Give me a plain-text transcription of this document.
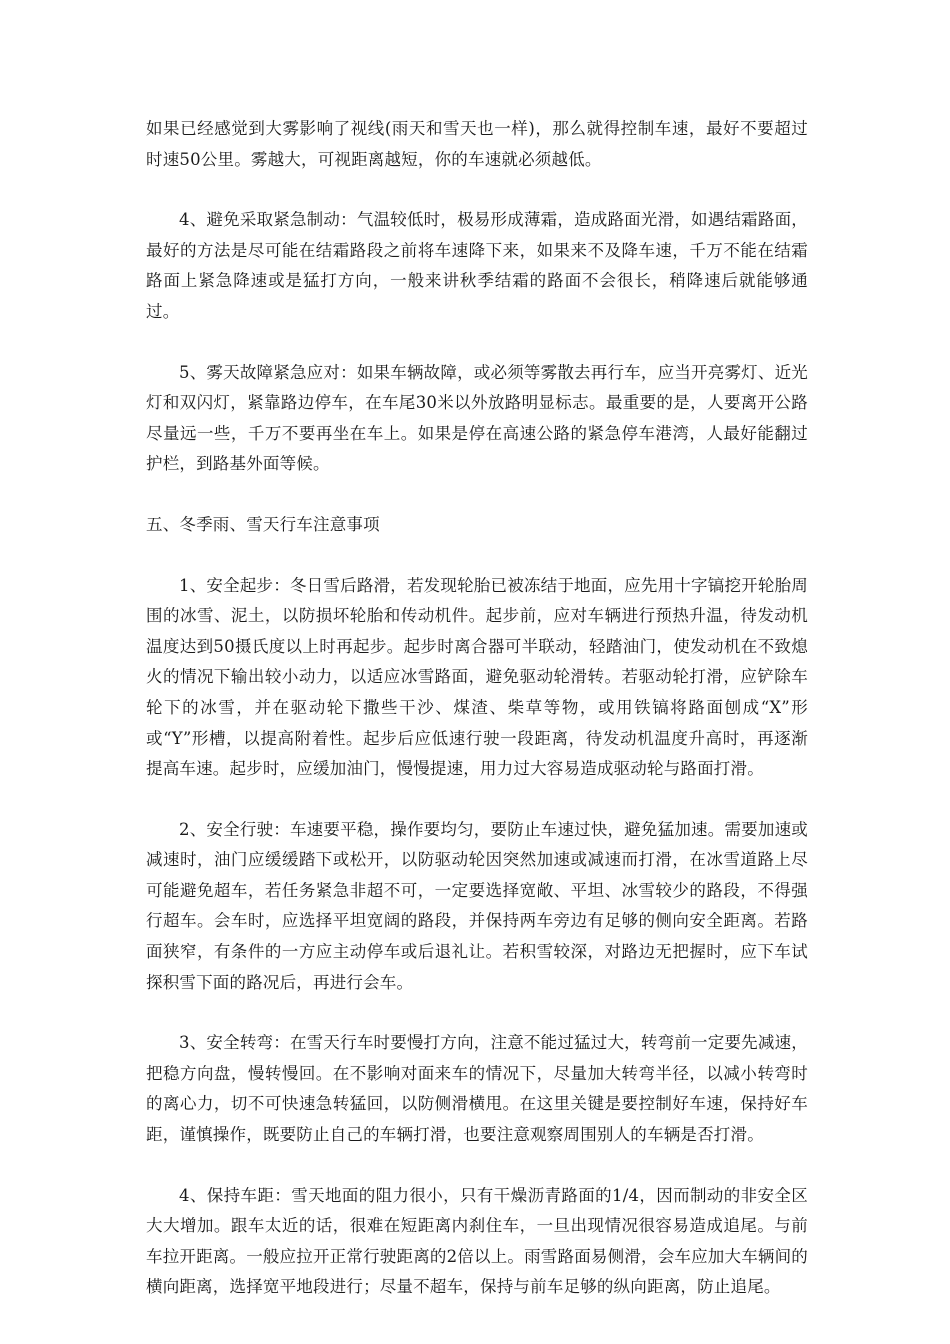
如果已经感觉到大雾影响了视线(雨天和雪天也一样)，那么就得控制车速，最好不要超过时速50公里。雾越大，可视距离越短，你的车速就必须越低。

4、避免采取紧急制动：气温较低时，极易形成薄霜，造成路面光滑，如遇结霜路面，最好的方法是尽可能在结霜路段之前将车速降下来，如果来不及降车速，千万不能在结霜路面上紧急降速或是猛打方向，一般来讲秋季结霜的路面不会很长，稍降速后就能够通过。

5、雾天故障紧急应对：如果车辆故障，或必须等雾散去再行车，应当开亮雾灯、近光灯和双闪灯，紧靠路边停车，在车尾30米以外放路明显标志。最重要的是，人要离开公路尽量远一些，千万不要再坐在车上。如果是停在高速公路的紧急停车港湾，人最好能翻过护栏，到路基外面等候。

五、冬季雨、雪天行车注意事项

1、安全起步：冬日雪后路滑，若发现轮胎已被冻结于地面，应先用十字镐挖开轮胎周围的冰雪、泥土，以防损坏轮胎和传动机件。起步前，应对车辆进行预热升温，待发动机温度达到50摄氏度以上时再起步。起步时离合器可半联动，轻踏油门，使发动机在不致熄火的情况下输出较小动力，以适应冰雪路面，避免驱动轮滑转。若驱动轮打滑，应铲除车轮下的冰雪，并在驱动轮下撒些干沙、煤渣、柴草等物，或用铁镐将路面刨成“X”形或“Y”形槽，以提高附着性。起步后应低速行驶一段距离，待发动机温度升高时，再逐渐提高车速。起步时，应缓加油门，慢慢提速，用力过大容易造成驱动轮与路面打滑。

2、安全行驶：车速要平稳，操作要均匀，要防止车速过快，避免猛加速。需要加速或减速时，油门应缓缓踏下或松开，以防驱动轮因突然加速或减速而打滑，在冰雪道路上尽可能避免超车，若任务紧急非超不可，一定要选择宽敞、平坦、冰雪较少的路段，不得强行超车。会车时，应选择平坦宽阔的路段，并保持两车旁边有足够的侧向安全距离。若路面狭窄，有条件的一方应主动停车或后退礼让。若积雪较深，对路边无把握时，应下车试探积雪下面的路况后，再进行会车。

3、安全转弯：在雪天行车时要慢打方向，注意不能过猛过大，转弯前一定要先减速，把稳方向盘，慢转慢回。在不影响对面来车的情况下，尽量加大转弯半径，以减小转弯时的离心力，切不可快速急转猛回，以防侧滑横甩。在这里关键是要控制好车速，保持好车距，谨慎操作，既要防止自己的车辆打滑，也要注意观察周围别人的车辆是否打滑。

4、保持车距：雪天地面的阻力很小，只有干燥沥青路面的1/4，因而制动的非安全区大大增加。跟车太近的话，很难在短距离内刹住车，一旦出现情况很容易造成追尾。与前车拉开距离。一般应拉开正常行驶距离的2倍以上。雨雪路面易侧滑，会车应加大车辆间的横向距离，选择宽平地段进行；尽量不超车，保持与前车足够的纵向距离，防止追尾。
